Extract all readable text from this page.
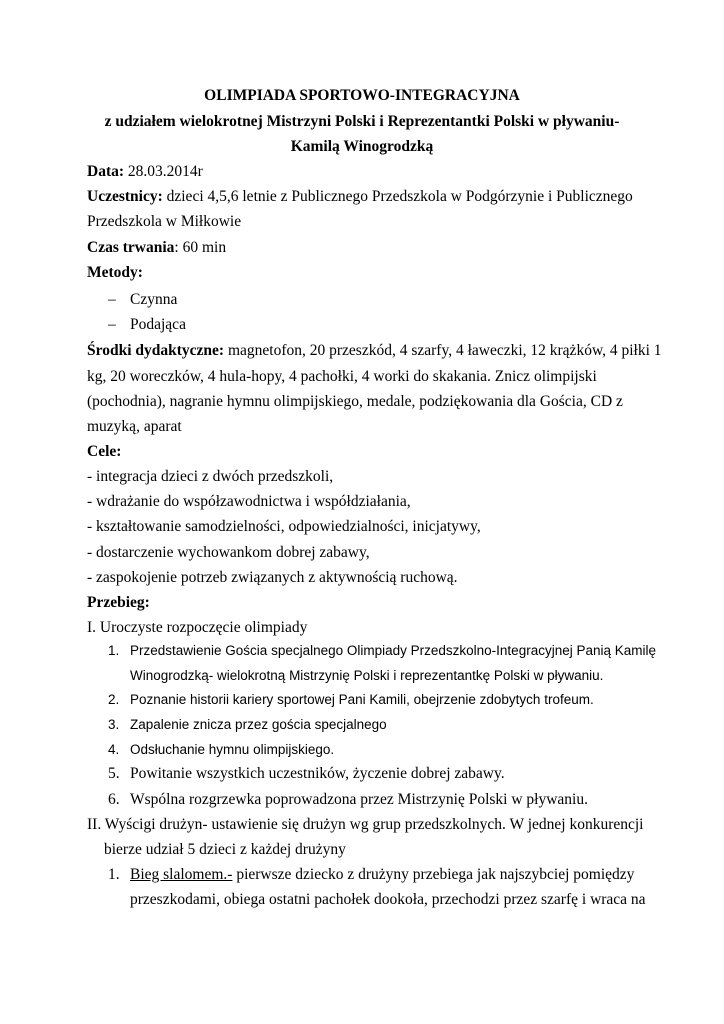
OLIMPIADA SPORTOWO-INTEGRACYJNA
z udziałem wielokrotnej Mistrzyni Polski i Reprezentantki Polski w pływaniu-
Kamilą Winogrodzką
Data: 28.03.2014r
Uczestnicy: dzieci 4,5,6 letnie z Publicznego Przedszkola w Podgórzynie i Publicznego
Przedszkola w Miłkowie
Czas trwania: 60 min
Metody:
– Czynna
– Podająca
Środki dydaktyczne: magnetofon, 20 przeszkód, 4 szarfy, 4 ławeczki, 12 krążków, 4 piłki 1
kg, 20 woreczków, 4 hula-hopy, 4 pachołki, 4 worki do skakania. Znicz olimpijski
(pochodnia), nagranie hymnu olimpijskiego, medale, podziękowania dla Gościa, CD z
muzyką, aparat
Cele:
- integracja dzieci z dwóch przedszkoli,
- wdrażanie do współzawodnictwa i współdziałania,
- kształtowanie samodzielności, odpowiedzialności, inicjatywy,
- dostarczenie wychowankom dobrej zabawy,
- zaspokojenie potrzeb związanych z aktywnością ruchową.
Przebieg:
I. Uroczyste rozpoczęcie olimpiady
1. Przedstawienie Gościa specjalnego Olimpiady Przedszkolno-Integracyjnej Panią Kamilę
Winogrodzką- wielokrotną Mistrzynię Polski i reprezentantkę Polski w pływaniu.
2. Poznanie historii kariery sportowej Pani Kamili, obejrzenie zdobytych trofeum.
3. Zapalenie znicza przez gościa specjalnego
4. Odsłuchanie hymnu olimpijskiego.
5. Powitanie wszystkich uczestników, życzenie dobrej zabawy.
6. Wspólna rozgrzewka poprowadzona przez Mistrzynię Polski w pływaniu.
II. Wyścigi drużyn- ustawienie się drużyn wg grup przedszkolnych. W jednej konkurencji
bierze udział 5 dzieci z każdej drużyny
1. Bieg slalomem.- pierwsze dziecko z drużyny przebiega jak najszybciej pomiędzy
przeszkodami, obiega ostatni pachołek dookoła, przechodzi przez szarfę i wraca na
